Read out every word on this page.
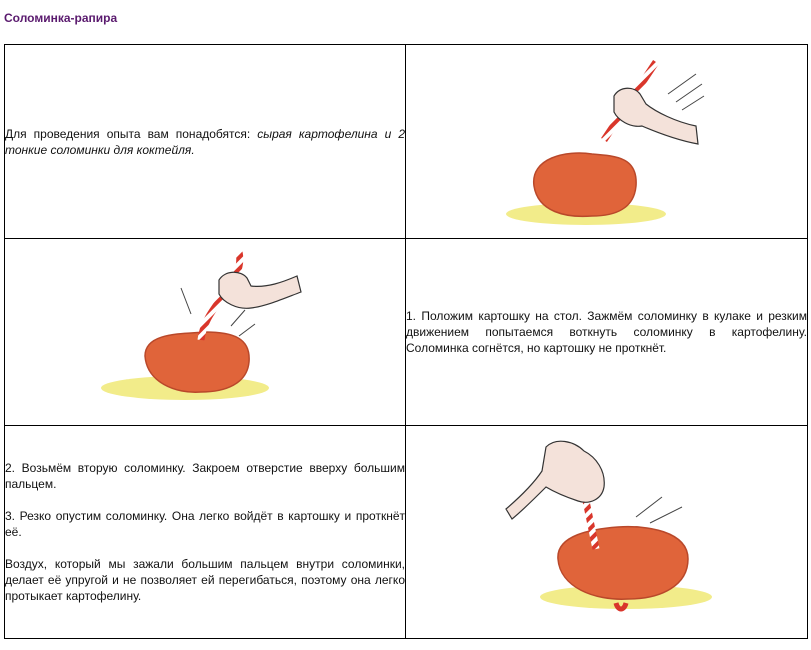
Соломинка-рапира

Для проведения опыта вам понадобятся: сырая картофелина и 2 тонкие соломинки для коктейля.

1. Положим картошку на стол. Зажмём соломинку в кулаке и резким движением попытаемся воткнуть соломинку в картофелину. Соломинка согнётся, но картошку не проткнёт.

2. Возьмём вторую соломинку. Закроем отверстие вверху большим пальцем.

3. Резко опустим соломинку. Она легко войдёт в картошку и проткнёт её.

Воздух, который мы зажали большим пальцем внутри соломинки, делает её упругой и не позволяет ей перегибаться, поэтому она легко протыкает картофелину.
